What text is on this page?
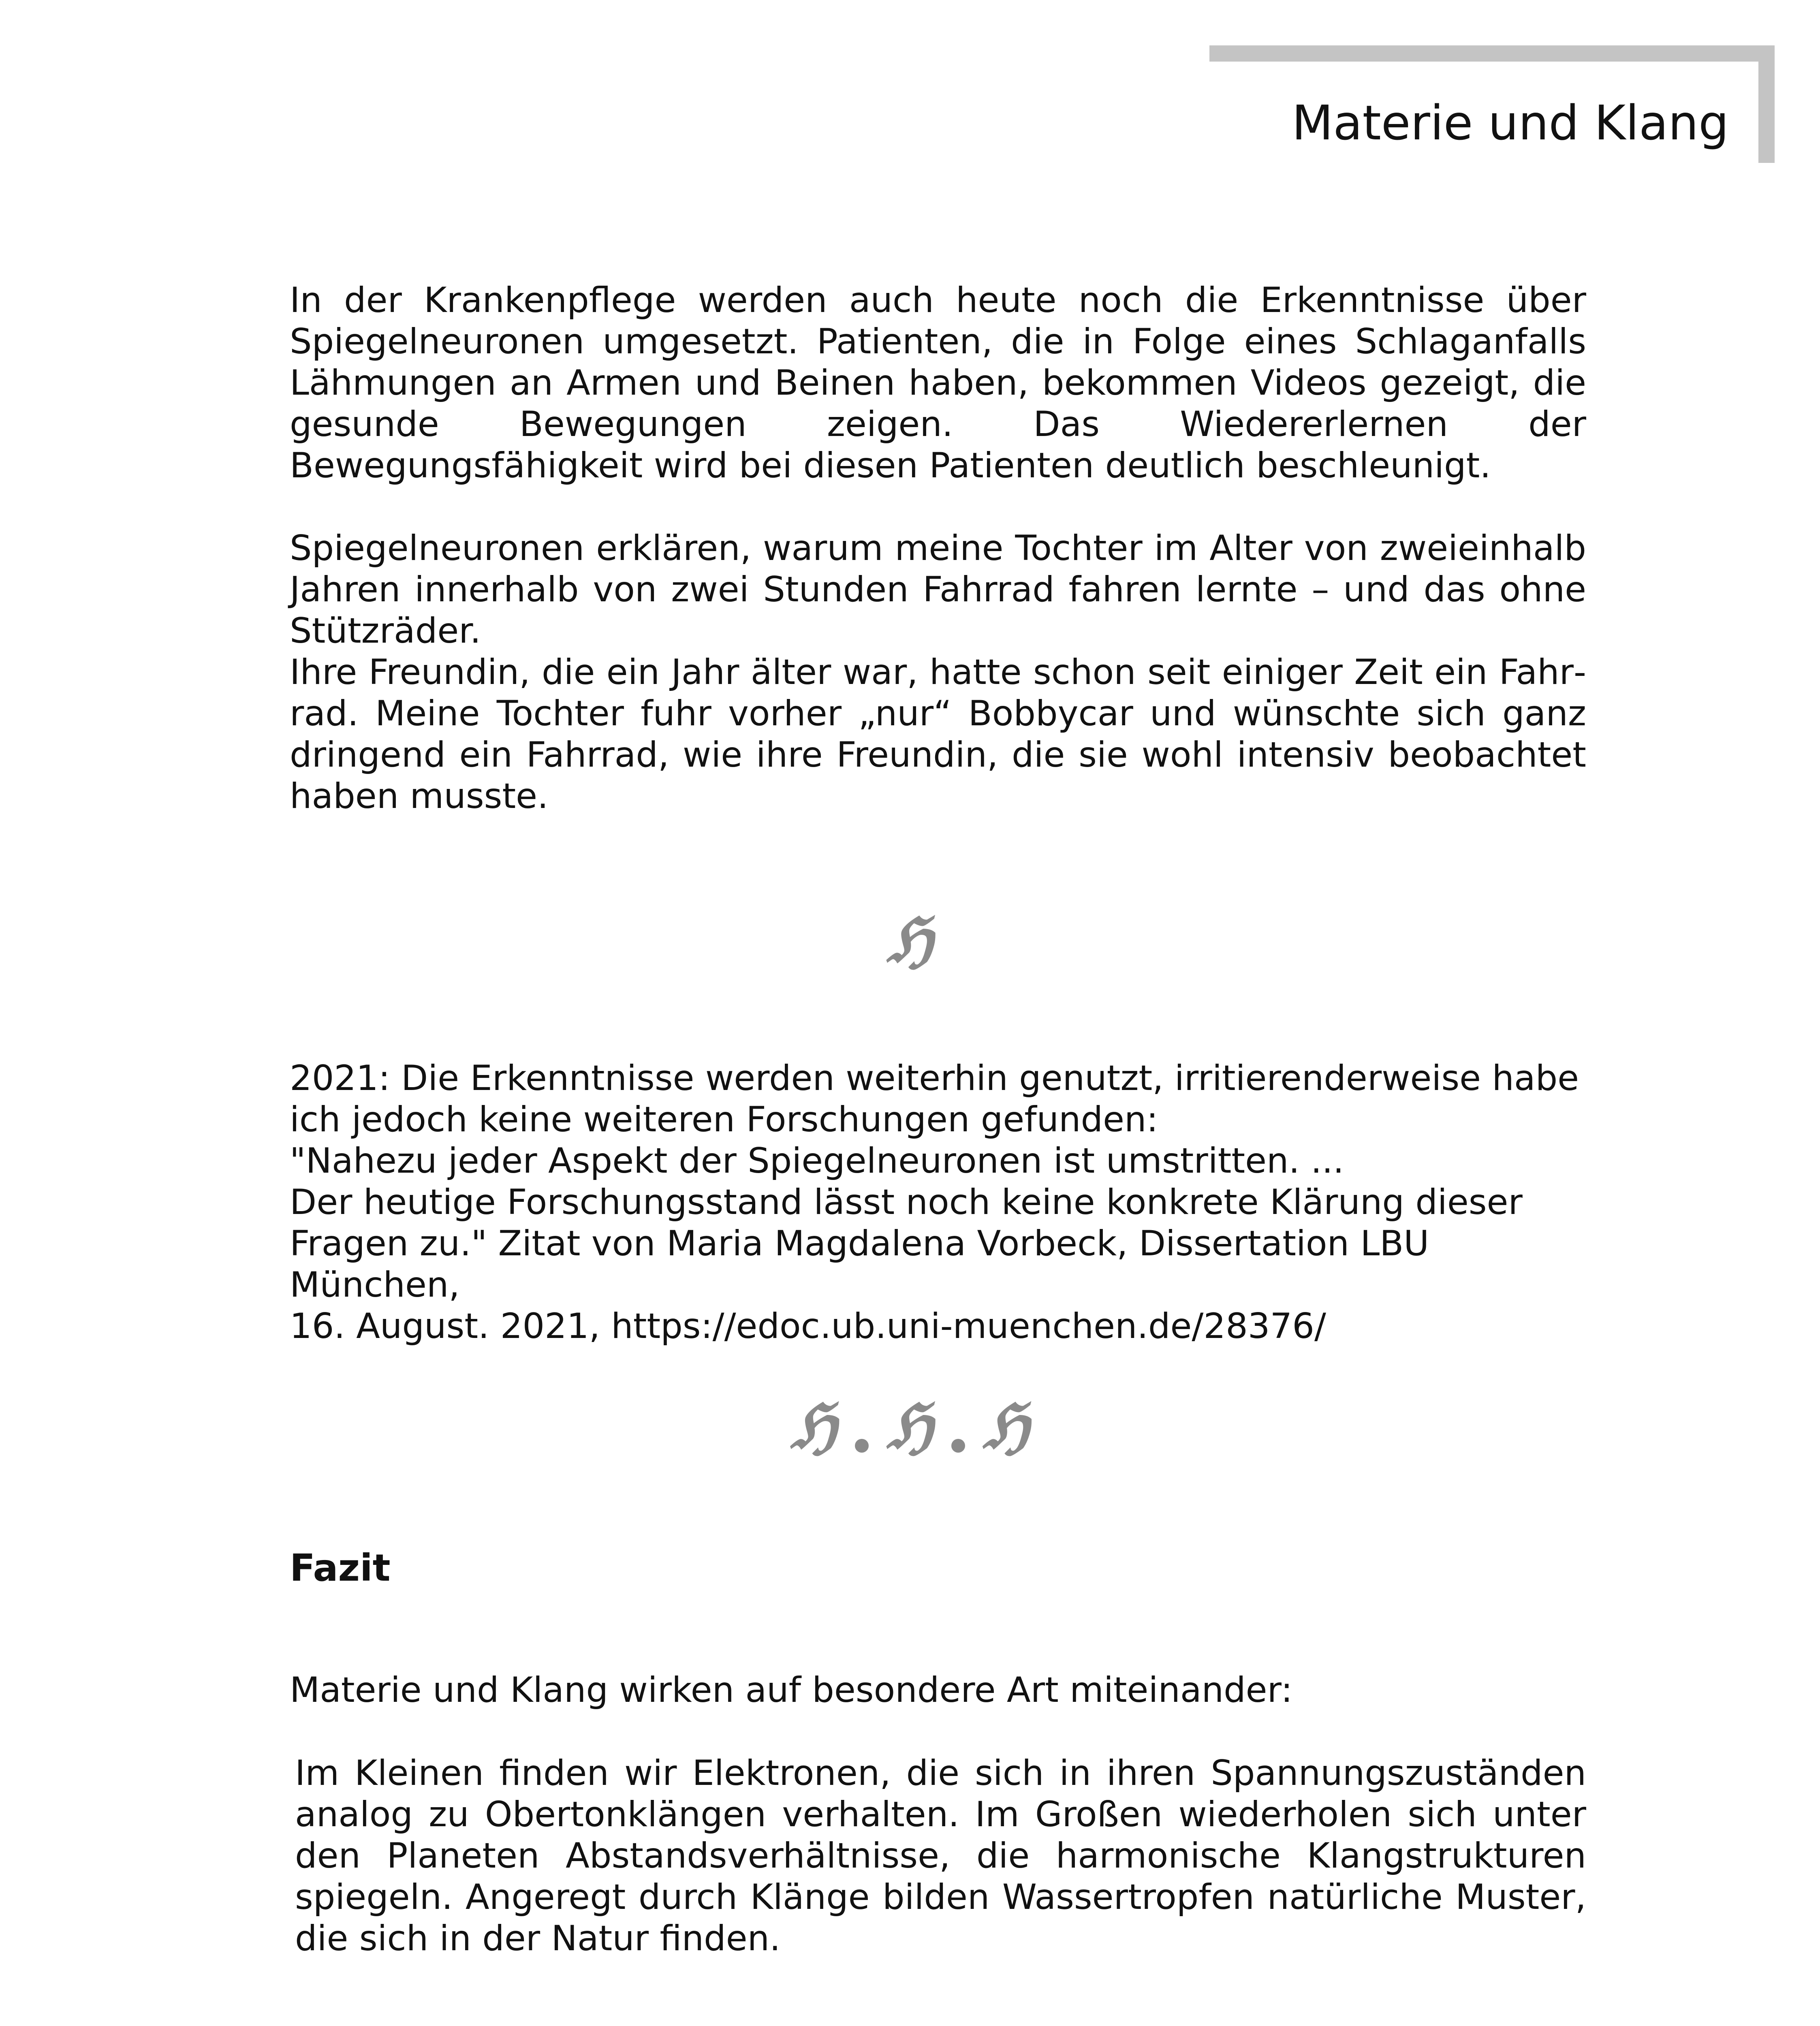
Materie und Klang

In der Krankenpflege werden auch heute noch die Erkenntnisse über Spiegelneuronen umgesetzt. Patienten, die in Folge eines Schlaganfalls Lähmungen an Armen und Beinen haben, bekommen Videos gezeigt, die gesunde Bewegungen zeigen. Das Wiedererlernen der Bewegungsfähigkeit wird bei diesen Patienten deutlich beschleunigt.

Spiegelneuronen erklären, warum meine Tochter im Alter von zweieinhalb Jahren innerhalb von zwei Stunden Fahrrad fahren lernte – und das ohne Stützräder.

Ihre Freundin, die ein Jahr älter war, hatte schon seit einiger Zeit ein Fahrrad. Meine Tochter fuhr vorher „nur“ Bobbycar und wünschte sich ganz dringend ein Fahrrad, wie ihre Freundin, die sie wohl intensiv beobachtet haben musste.

ℌ

2021: Die Erkenntnisse werden weiterhin genutzt, irritierenderweise habe

ich jedoch keine weiteren Forschungen gefunden:

"Nahezu jeder Aspekt der Spiegelneuronen ist umstritten. ...

Der heutige Forschungsstand lässt noch keine konkrete Klärung dieser

Fragen zu." Zitat von Maria Magdalena Vorbeck, Dissertation LBU München,

16. August. 2021, https://edoc.ub.uni-muenchen.de/28376/

ℌ ℌ ℌ
Fazit

Materie und Klang wirken auf besondere Art miteinander:

Im Kleinen finden wir Elektronen, die sich in ihren Spannungszuständen analog zu Obertonklängen verhalten. Im Großen wiederholen sich unter den Planeten Abstandsverhältnisse, die harmonische Klangstrukturen spiegeln. Angeregt durch Klänge bilden Wassertropfen natürliche Muster, die sich in der Natur finden.
